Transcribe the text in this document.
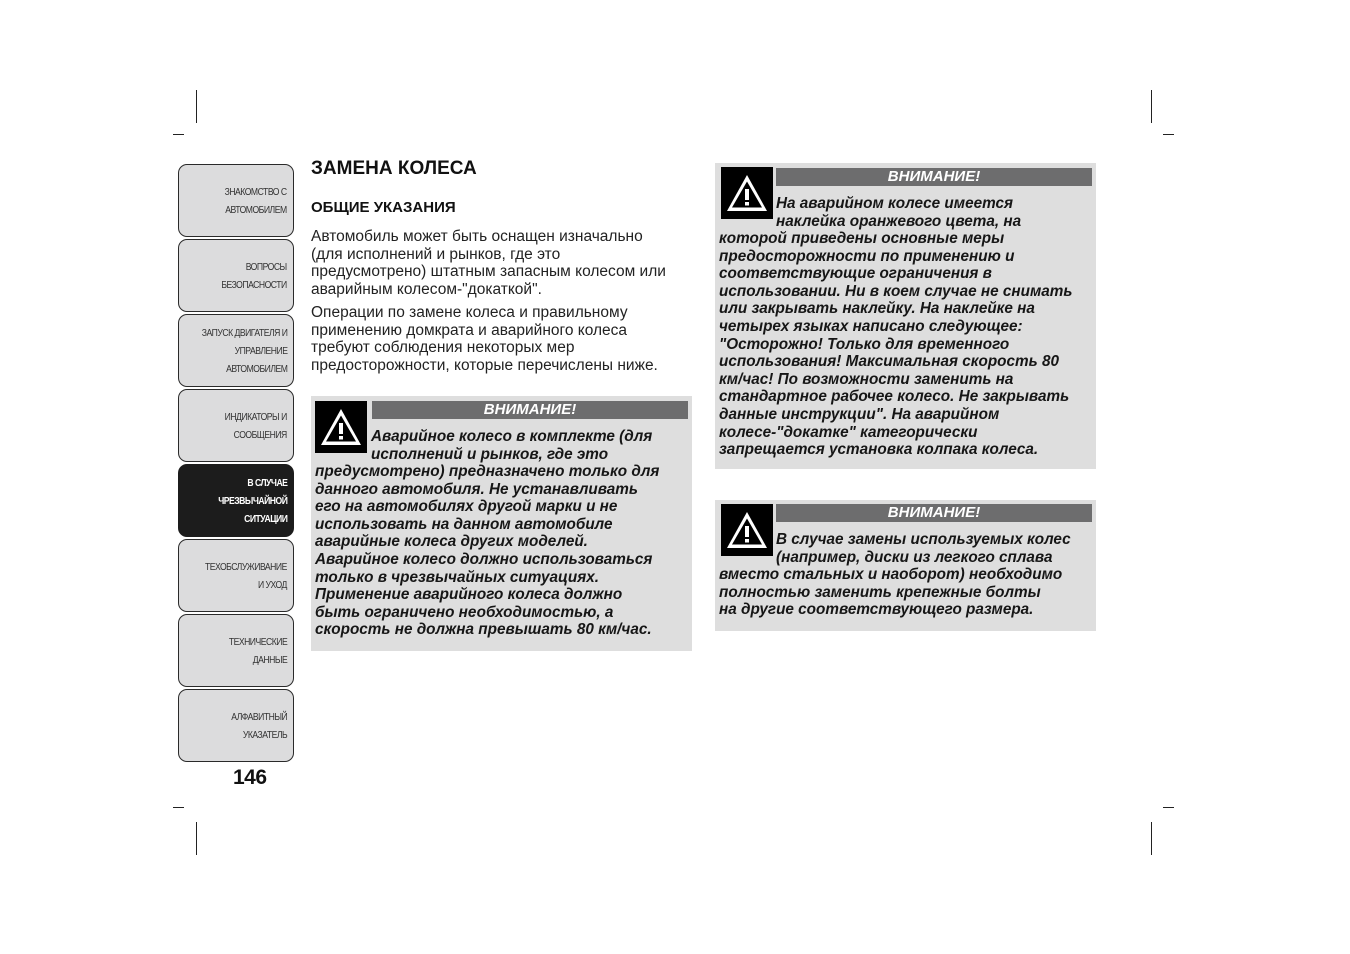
ЗНАКОМСТВО С
АВТОМОБИЛЕМ
ВОПРОСЫ
БЕЗОПАСНОСТИ
ЗАПУСК ДВИГАТЕЛЯ И
УПРАВЛЕНИЕ
АВТОМОБИЛЕМ
ИНДИКАТОРЫ И
СООБЩЕНИЯ
В СЛУЧАЕ
ЧРЕЗВЫЧАЙНОЙ
СИТУАЦИИ
ТЕХОБСЛУЖИВАНИЕ
И УХОД
ТЕХНИЧЕСКИЕ
ДАННЫЕ
АЛФАВИТНЫЙ
УКАЗАТЕЛЬ
146
ЗАМЕНА КОЛЕСА
ОБЩИЕ УКАЗАНИЯ
Автомобиль может быть оснащен изначально
(для исполнений и рынков, где это
предусмотрено) штатным запасным колесом или
аварийным колесом-"докаткой".
Операции по замене колеса и правильному
применению домкрата и аварийного колеса
требуют соблюдения некоторых мер
предосторожности, которые перечислены ниже.
ВНИМАНИЕ!
Аварийное колесо в комплекте (для
исполнений и рынков, где это
предусмотрено) предназначено только для
данного автомобиля. Не устанавливать
его на автомобилях другой марки и не
использовать на данном автомобиле
аварийные колеса других моделей.
Аварийное колесо должно использоваться
только в чрезвычайных ситуациях.
Применение аварийного колеса должно
быть ограничено необходимостью, а
скорость не должна превышать 80 км/час.
ВНИМАНИЕ!
На аварийном колесе имеется
наклейка оранжевого цвета, на
которой приведены основные меры
предосторожности по применению и
соответствующие ограничения в
использовании. Ни в коем случае не снимать
или закрывать наклейку. На наклейке на
четырех языках написано следующее:
"Осторожно! Только для временного
использования! Максимальная скорость 80
км/час! По возможности заменить на
стандартное рабочее колесо. Не закрывать
данные инструкции". На аварийном
колесе-"докатке" категорически
запрещается установка колпака колеса.
ВНИМАНИЕ!
В случае замены используемых колес
(например, диски из легкого сплава
вместо стальных и наоборот) необходимо
полностью заменить крепежные болты
на другие соответствующего размера.
